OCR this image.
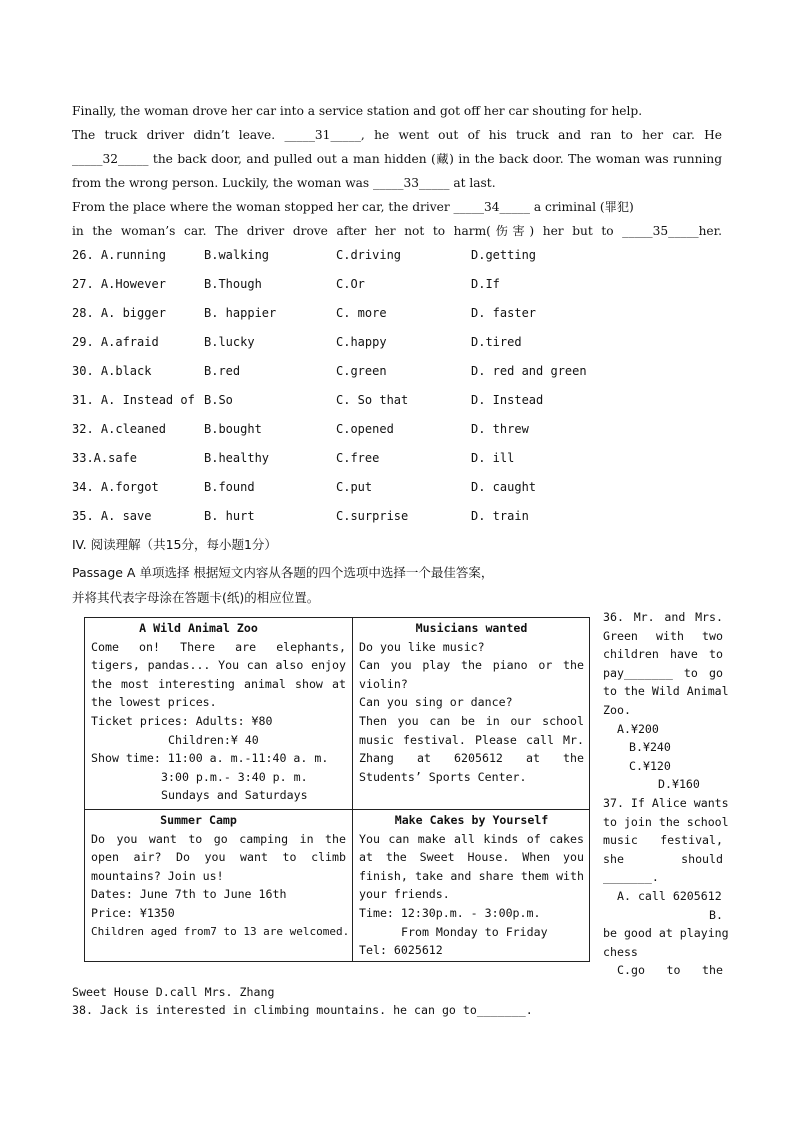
Finally, the woman drove her car into a service station and got off her car shouting for help.
The truck driver didn’t leave. _____31_____, he went out of his truck and ran to her car. He
_____32_____ the back door, and pulled out a man hidden (藏) in the back door. The woman was running
from the wrong person. Luckily, the woman was _____33_____ at last.
From the place where the woman stopped her car, the driver _____34_____ a criminal (罪犯)
in the woman’s car. The driver drove after her not to harm(伤害) her but to _____35_____her.
26. A.running	B.walking	C.driving	D.getting
27. A.However	B.Though	C.Or	D.If
28. A. bigger	B. happier	C. more	D. faster
29. A.afraid	B.lucky	C.happy	D.tired
30. A.black	B.red	C.green	D. red and green
31. A. Instead of B.So	C. So that	D. Instead
32. A.cleaned	B.bought	C.opened	D. threw
33.A.safe	B.healthy	C.free	D. ill
34. A.forgot	B.found	C.put	D. caught
35. A. save	B. hurt	C.surprise	D. train
IV. 阅读理解（共15分，每小题1分）
Passage A 单项选择 根据短文内容从各题的四个选项中选择一个最佳答案，
并将其代表字母涂在答题卡(纸)的相应位置。
A Wild Animal Zoo
Come on! There are elephants, tigers, pandas... You can also enjoy the most interesting animal show at the lowest prices.
Ticket prices: Adults: ¥80
Children:¥ 40
Show time: 11:00 a. m.-11:40 a. m.
3:00 p.m.- 3:40 p. m.
Sundays and Saturdays
Musicians wanted
Do you like music?
Can you play the piano or the violin?
Can you sing or dance?
Then you can be in our school music festival. Please call Mr. Zhang at 6205612 at the Students’ Sports Center.
Summer Camp
Do you want to go camping in the open air? Do you want to climb mountains? Join us!
Dates: June 7th to June 16th
Price: ¥1350
Children aged from7 to 13 are welcomed.
Make Cakes by Yourself
You can make all kinds of cakes at the Sweet House. When you finish, take and share them with your friends.
Time: 12:30p.m. - 3:00p.m.
From Monday to Friday
Tel: 6025612
36. Mr. and Mrs.
Green with two
children have to
pay_______ to go
to the Wild Animal
Zoo.
A.¥200
B.¥240
C.¥120
D.¥160
37. If Alice wants
to join the school
music festival,
she should
_______.
A. call 6205612
B.
be good at playing
chess
C.go to the
Sweet House D.call Mrs. Zhang
38. Jack is interested in climbing mountains. he can go to_______.
